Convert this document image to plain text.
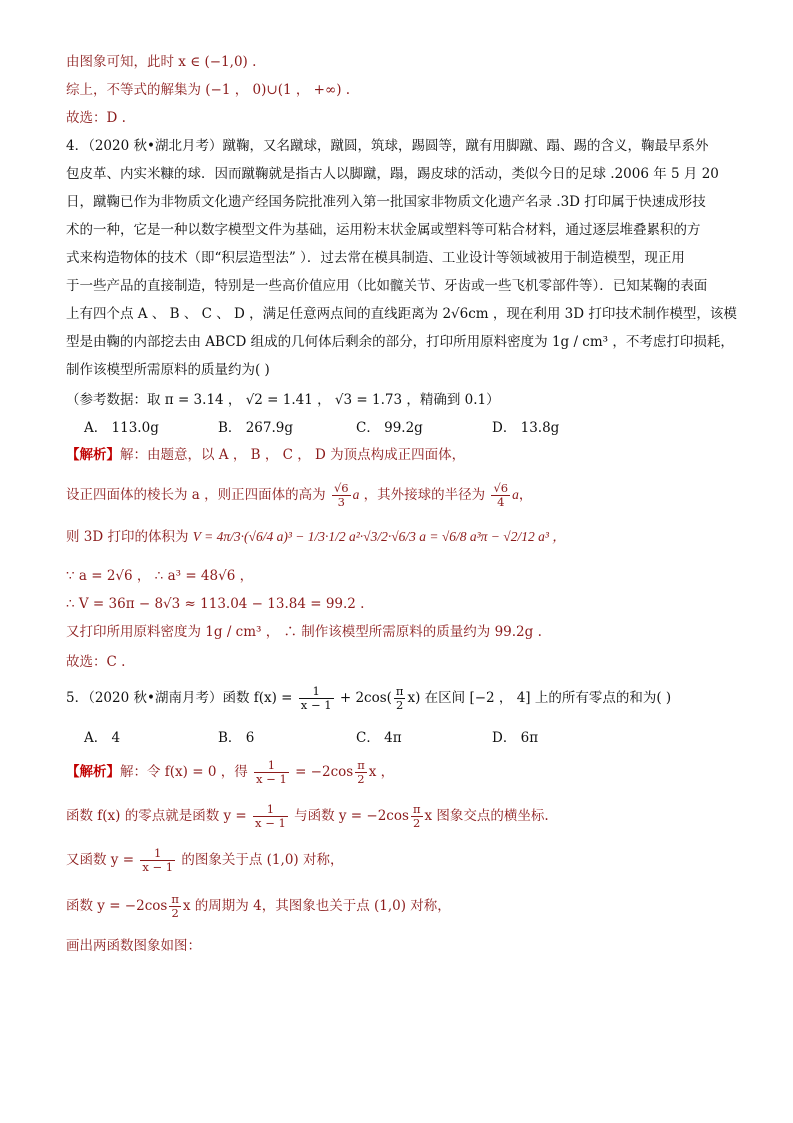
由图象可知，此时 x ∈ (−1,0) .
综上，不等式的解集为 (−1 ， 0)∪(1 ， +∞) .
故选：D .
4．（2020 秋•湖北月考）蹴鞠，又名蹴球，蹴圆，筑球，踢圆等，蹴有用脚蹴、蹋、踢的含义，鞠最早系外
包皮革、内实米糠的球．因而蹴鞠就是指古人以脚蹴，蹋，踢皮球的活动，类似今日的足球 .2006 年 5 月 20
日，蹴鞠已作为非物质文化遗产经国务院批准列入第一批国家非物质文化遗产名录 .3D 打印属于快速成形技
术的一种，它是一种以数字模型文件为基础，运用粉末状金属或塑料等可粘合材料，通过逐层堆叠累积的方
式来构造物体的技术（即“积层造型法” ）．过去常在模具制造、工业设计等领域被用于制造模型，现正用
于一些产品的直接制造，特别是一些高价值应用（比如髋关节、牙齿或一些飞机零部件等）．已知某鞠的表面
上有四个点 A 、 B 、 C 、 D ，满足任意两点间的直线距离为 2√6cm ，现在利用 3D 打印技术制作模型，该模
型是由鞠的内部挖去由 ABCD 组成的几何体后剩余的部分，打印所用原料密度为 1g / cm³ ，不考虑打印损耗，
制作该模型所需原料的质量约为( )
（参考数据：取 π = 3.14 ， √2 = 1.41 ， √3 = 1.73 ，精确到 0.1）
A． 113.0g	B． 267.9g	C． 99.2g	D． 13.8g
【解析】解：由题意，以 A ， B ， C ， D 为顶点构成正四面体，
设正四面体的棱长为 a ，则正四面体的高为 $\frac{√6}{3}$ a ，其外接球的半径为 $\frac{√6}{4}$ a，
则 3D 打印的体积为 V = 4π/3·(√6/4 a)³ − 1/3·1/2 a²·√3/2·√6/3 a = √6/8 a³π − √2/12 a³ ，
∵ a = 2√6 ， ∴ a³ = 48√6 ，
∴ V = 36π − 8√3 ≈ 113.04 − 13.84 = 99.2 .
又打印所用原料密度为 1g / cm³ ， ∴ 制作该模型所需原料的质量约为 99.2g .
故选：C .
5．（2020 秋•湖南月考）函数 $f(x) = \frac{1}{x - 1} + 2\cos( \frac{\pi}{2} x)$ 在区间 [−2 ， 4] 上的所有零点的和为( )
A． 4	B． 6	C． 4π	D． 6π
【解析】解：令 f(x) = 0 ，得 $\frac{1}{x - 1} = -2\cos \frac{\pi}{2}$ x ，
函数 f(x) 的零点就是函数 $y = \frac{1}{x - 1}$ 与函数 $y = -2\cos \frac{\pi}{2}$ x 图象交点的横坐标.
又函数 $y = \frac{1}{x - 1}$ 的图象关于点 (1,0) 对称，
函数 $y = -2\cos \frac{\pi}{2}$ x 的周期为 4，其图象也关于点 (1,0) 对称，
画出两函数图象如图：
